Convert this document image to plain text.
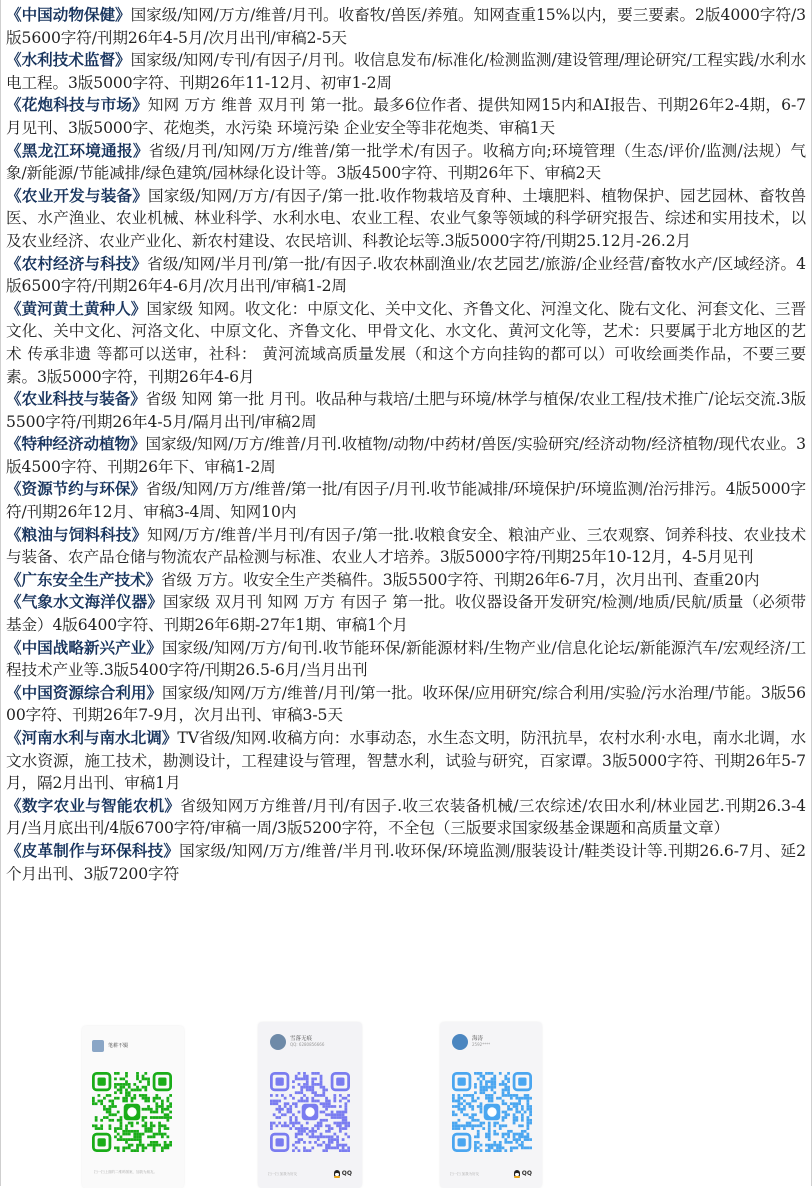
《中国动物保健》国家级/知网/万方/维普/月刊。收畜牧/兽医/养殖。知网查重15%以内，要三要素。2版4000字符/3版5600字符/刊期26年4-5月/次月出刊/审稿2-5天

《水利技术监督》国家级/知网/专刊/有因子/月刊。收信息发布/标准化/检测监测/建设管理/理论研究/工程实践/水利水电工程。3版5000字符、刊期26年11-12月、初审1-2周

《花炮科技与市场》知网 万方 维普 双月刊 第一批。最多6位作者、提供知网15内和AI报告、刊期26年2-4期，6-7月见刊、3版5000字、花炮类，水污染 环境污染 企业安全等非花炮类、审稿1天

《黑龙江环境通报》省级/月刊/知网/万方/维普/第一批学术/有因子。收稿方向;环境管理（生态/评价/监测/法规）气象/新能源/节能减排/绿色建筑/园林绿化设计等。3版4500字符、刊期26年下、审稿2天

《农业开发与装备》国家级/知网/万方/有因子/第一批.收作物栽培及育种、土壤肥料、植物保护、园艺园林、畜牧兽医、水产渔业、农业机械、林业科学、水利水电、农业工程、农业气象等领域的科学研究报告、综述和实用技术，以及农业经济、农业产业化、新农村建设、农民培训、科教论坛等.3版5000字符/刊期25.12月-26.2月

《农村经济与科技》省级/知网/半月刊/第一批/有因子.收农林副渔业/农艺园艺/旅游/企业经营/畜牧水产/区域经济。4版6500字符/刊期26年4-6月/次月出刊/审稿1-2周

《黄河黄土黄种人》国家级 知网。收文化：中原文化、关中文化、齐鲁文化、河湟文化、陇右文化、河套文化、三晋文化、关中文化、河洛文化、中原文化、齐鲁文化、甲骨文化、水文化、黄河文化等，艺术：只要属于北方地区的艺术 传承非遗 等都可以送审，社科： 黄河流域高质量发展（和这个方向挂钩的都可以）可收绘画类作品，不要三要素。3版5000字符，刊期26年4-6月

《农业科技与装备》省级 知网 第一批 月刊。收品种与栽培/土肥与环境/林学与植保/农业工程/技术推广/论坛交流.3版5500字符/刊期26年4-5月/隔月出刊/审稿2周

《特种经济动植物》国家级/知网/万方/维普/月刊.收植物/动物/中药材/兽医/实验研究/经济动物/经济植物/现代农业。3版4500字符、刊期26年下、审稿1-2周

《资源节约与环保》省级/知网/万方/维普/第一批/有因子/月刊.收节能减排/环境保护/环境监测/治污排污。4版5000字符/刊期26年12月、审稿3-4周、知网10内

《粮油与饲料科技》知网/万方/维普/半月刊/有因子/第一批.收粮食安全、粮油产业、三农观察、饲养科技、农业技术与装备、农产品仓储与物流农产品检测与标准、农业人才培养。3版5000字符/刊期25年10-12月，4-5月见刊

《广东安全生产技术》省级 万方。收安全生产类稿件。3版5500字符、刊期26年6-7月，次月出刊、查重20内

《气象水文海洋仪器》国家级 双月刊 知网 万方 有因子 第一批。收仪器设备开发研究/检测/地质/民航/质量（必须带基金）4版6400字符、刊期26年6期-27年1期、审稿1个月

《中国战略新兴产业》国家级/知网/万方/旬刊.收节能环保/新能源材料/生物产业/信息化论坛/新能源汽车/宏观经济/工程技术产业等.3版5400字符/刊期26.5-6月/当月出刊

《中国资源综合利用》国家级/知网/万方/维普/月刊/第一批。收环保/应用研究/综合利用/实验/污水治理/节能。3版5600字符、刊期26年7-9月，次月出刊、审稿3-5天

《河南水利与南水北调》TV省级/知网.收稿方向：水事动态，水生态文明，防汛抗旱，农村水利·水电，南水北调，水文水资源，施工技术，勘测设计，工程建设与管理，智慧水利，试验与研究，百家谭。3版5000字符、刊期26年5-7月，隔2月出刊、审稿1月

《数字农业与智能农机》省级知网万方维普/月刊/有因子.收三农装备机械/三农综述/农田水利/林业园艺.刊期26.3-4月/当月底出刊/4版6700字符/审稿一周/3版5200字符，不全包（三版要求国家级基金课题和高质量文章）

《皮革制作与环保科技》国家级/知网/万方/维普/半月刊.收环保/环境监测/服装设计/鞋类设计等.刊期26.6-7月、延2个月出刊、3版7200字符

笔耕不辍
扫一扫上面的二维码图案，加我为朋友。
雪落无痕
QQ: 6280856666
扫一扫 加我为好友	QQ
海涛
2592****
扫一扫 加我为好友	QQ
